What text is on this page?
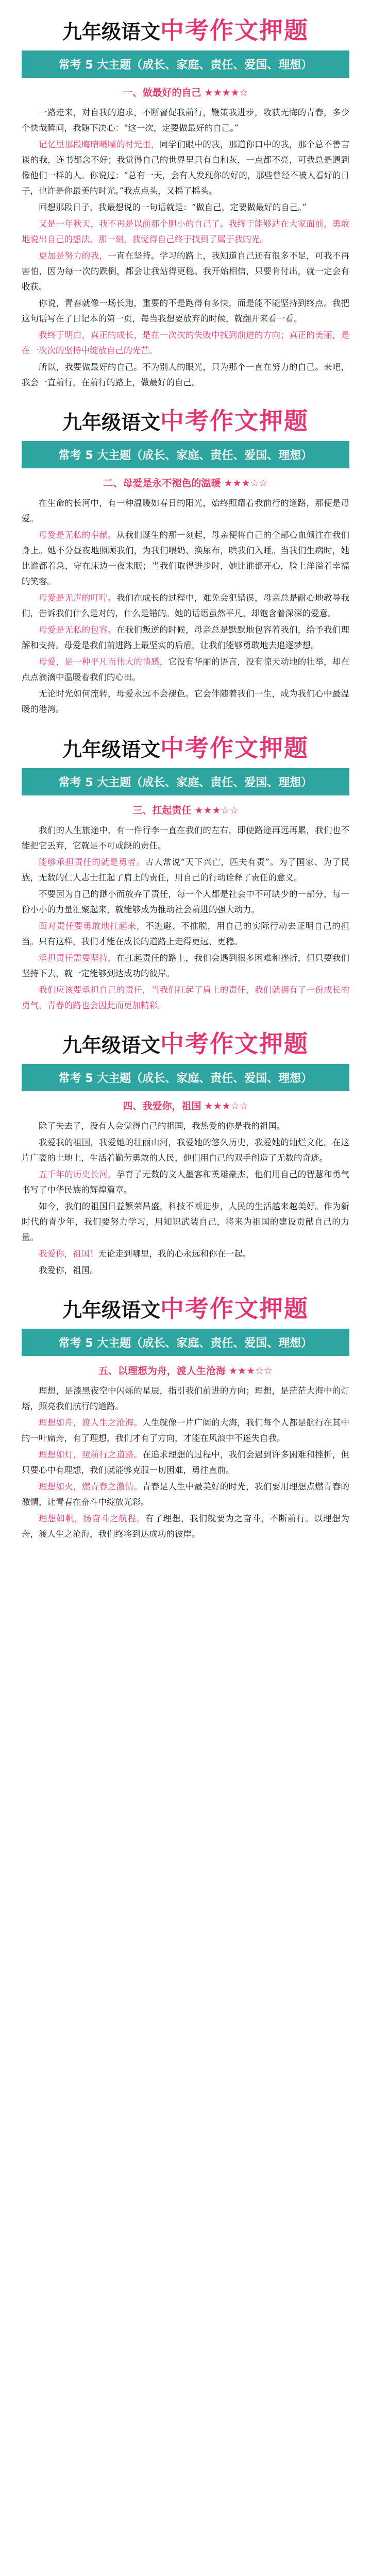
九年级语文中考作文押题
常考 5 大主题（成长、家庭、责任、爱国、理想）
一、做最好的自己 ★★★★☆

一路走来，对自我的追求，不断督促我前行，鞭策我进步，收获无悔的青春，多少个快哉瞬间，我随下决心：“这一次，定要做最好的自己。”

记忆里那段晦暗嗫嚅的时光里，同学们眼中的我，那道你口中的我，那个总不善言谈的我，连书都念不好；我觉得自己的世界里只有白和灰，一点都不亮，可我总是遇到像他们一样的人。你说过：“总有一天，会有人发现你的好的，那些曾经不被人看好的日子，也许是你最美的时光。”我点点头，又摇了摇头。

回想那段日子，我最想说的一句话就是：“做自己，定要做最好的自己。”

又是一年秋天，我不再是以前那个胆小的自己了。我终于能够站在大家面前，勇敢地说出自己的想法。那一刻，我觉得自己终于找到了属于我的光。

更加是努力的我，一直在坚持。学习的路上，我知道自己还有很多不足，可我不再害怕，因为每一次的跌倒，都会让我站得更稳。我开始相信，只要肯付出，就一定会有收获。

你说，青春就像一场长跑，重要的不是跑得有多快，而是能不能坚持到终点。我把这句话写在了日记本的第一页，每当我想要放弃的时候，就翻开来看一看。

我终于明白，真正的成长，是在一次次的失败中找到前进的方向；真正的美丽，是在一次次的坚持中绽放自己的光芒。

所以，我要做最好的自己。不为别人的眼光，只为那个一直在努力的自己。来吧，我会一直前行，在前行的路上，做最好的自己。

九年级语文中考作文押题
常考 5 大主题（成长、家庭、责任、爱国、理想）
二、母爱是永不褪色的温暖 ★★★☆☆

在生命的长河中，有一种温暖如春日的阳光，始终照耀着我前行的道路，那便是母爱。

母爱是无私的奉献。从我们诞生的那一刻起，母亲便将自己的全部心血倾注在我们身上。她不分昼夜地照顾我们，为我们喂奶、换尿布，哄我们入睡。当我们生病时，她比谁都着急，守在床边一夜未眠；当我们取得进步时，她比谁都开心，脸上洋溢着幸福的笑容。

母爱是无声的叮咛。我们在成长的过程中，难免会犯错误，母亲总是耐心地教导我们，告诉我们什么是对的，什么是错的。她的话语虽然平凡，却饱含着深深的爱意。

母爱是无私的包容。在我们叛逆的时候，母亲总是默默地包容着我们，给予我们理解和支持。母爱是我们前进路上最坚实的后盾，让我们能够勇敢地去追逐梦想。

母爱，是一种平凡而伟大的情感，它没有华丽的语言，没有惊天动地的壮举，却在点点滴滴中温暖着我们的心田。

无论时光如何流转，母爱永远不会褪色。它会伴随着我们一生，成为我们心中最温暖的港湾。

九年级语文中考作文押题
常考 5 大主题（成长、家庭、责任、爱国、理想）
三、扛起责任 ★★★☆☆

我们的人生旅途中，有一件行李一直在我们的左右，即使路途再远再累，我们也不能把它丢弃，它就是不可或缺的责任。

能够承担责任的就是勇者。古人常说“天下兴亡，匹夫有责”。为了国家、为了民族，无数的仁人志士扛起了肩上的责任，用自己的行动诠释了责任的意义。

不要因为自己的渺小而放弃了责任，每一个人都是社会中不可缺少的一部分，每一份小小的力量汇聚起来，就能够成为推动社会前进的强大动力。

面对责任要勇敢地扛起来，不逃避、不推脱，用自己的实际行动去证明自己的担当。只有这样，我们才能在成长的道路上走得更远、更稳。

承担责任需要坚持，在扛起责任的路上，我们会遇到很多困难和挫折，但只要我们坚持下去，就一定能够到达成功的彼岸。

我们应该要承担自己的责任，当我们扛起了肩上的责任，我们就拥有了一份成长的勇气，青春的路也会因此而更加精彩。

九年级语文中考作文押题
常考 5 大主题（成长、家庭、责任、爱国、理想）
四、我爱你，祖国 ★★★☆☆

除了失去了，没有人会觉得自己的祖国，我热爱的你是我的祖国。

我爱我的祖国，我爱她的壮丽山河，我爱她的悠久历史，我爱她的灿烂文化。在这片广袤的土地上，生活着勤劳勇敢的人民，他们用自己的双手创造了无数的奇迹。

五千年的历史长河，孕育了无数的文人墨客和英雄豪杰，他们用自己的智慧和勇气书写了中华民族的辉煌篇章。

如今，我们的祖国日益繁荣昌盛，科技不断进步，人民的生活越来越美好。作为新时代的青少年，我们要努力学习，用知识武装自己，将来为祖国的建设贡献自己的力量。

我爱你，祖国！无论走到哪里，我的心永远和你在一起。

我爱你，祖国。

九年级语文中考作文押题
常考 5 大主题（成长、家庭、责任、爱国、理想）
五、以理想为舟，渡人生沧海 ★★★☆☆

理想，是漆黑夜空中闪烁的星辰，指引我们前进的方向；理想，是茫茫大海中的灯塔，照亮我们航行的道路。

理想如舟，渡人生之沧海。人生就像一片广阔的大海，我们每个人都是航行在其中的一叶扁舟，有了理想，我们才有了方向，才能在风浪中不迷失自我。

理想如灯，照前行之道路。在追求理想的过程中，我们会遇到许多困难和挫折，但只要心中有理想，我们就能够克服一切困难，勇往直前。

理想如火，燃青春之激情。青春是人生中最美好的时光，我们要用理想点燃青春的激情，让青春在奋斗中绽放光彩。

理想如帆，扬奋斗之航程。有了理想，我们就要为之奋斗，不断前行。以理想为舟，渡人生之沧海，我们终将到达成功的彼岸。
